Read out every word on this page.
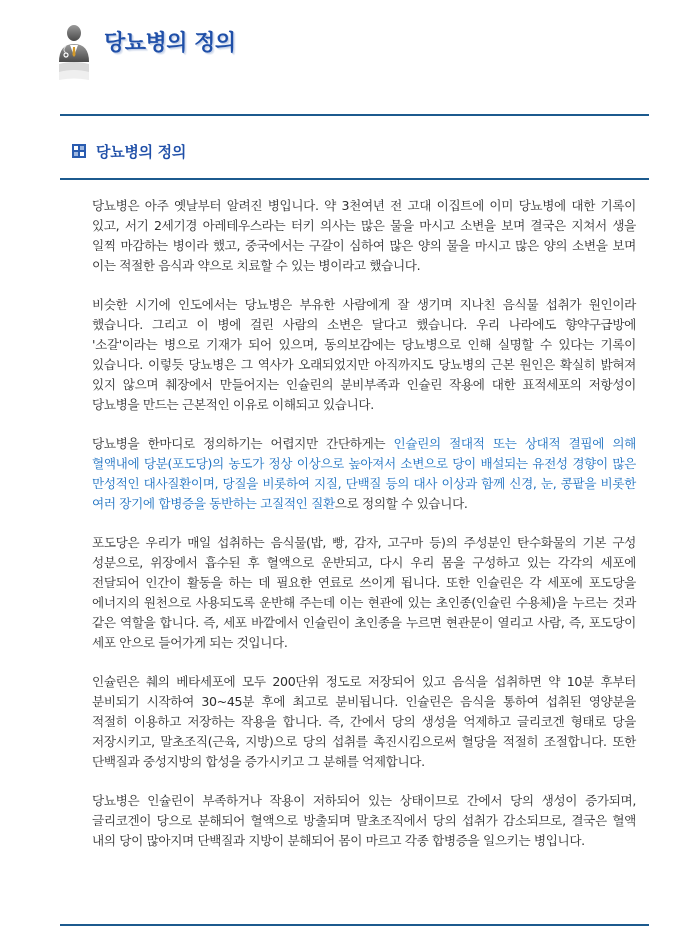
당뇨병의 정의
당뇨병의 정의

당뇨병은 아주 옛날부터 알려진 병입니다. 약 3천여년 전 고대 이집트에 이미 당뇨병에 대한 기록이 있고, 서기 2세기경 아레테우스라는 터키 의사는 많은 물을 마시고 소변을 보며 결국은 지쳐서 생을 일찍 마감하는 병이라 했고, 중국에서는 구갈이 심하여 많은 양의 물을 마시고 많은 양의 소변을 보며 이는 적절한 음식과 약으로 치료할 수 있는 병이라고 했습니다.

비슷한 시기에 인도에서는 당뇨병은 부유한 사람에게 잘 생기며 지나친 음식물 섭취가 원인이라 했습니다. 그리고 이 병에 걸린 사람의 소변은 달다고 했습니다. 우리 나라에도 향약구급방에 '소갈'이라는 병으로 기재가 되어 있으며, 동의보감에는 당뇨병으로 인해 실명할 수 있다는 기록이 있습니다. 이렇듯 당뇨병은 그 역사가 오래되었지만 아직까지도 당뇨병의 근본 원인은 확실히 밝혀져 있지 않으며 췌장에서 만들어지는 인슐린의 분비부족과 인슐린 작용에 대한 표적세포의 저항성이 당뇨병을 만드는 근본적인 이유로 이해되고 있습니다.

당뇨병을 한마디로 정의하기는 어렵지만 간단하게는 인슐린의 절대적 또는 상대적 결핍에 의해 혈액내에 당분(포도당)의 농도가 정상 이상으로 높아져서 소변으로 당이 배설되는 유전성 경향이 많은 만성적인 대사질환이며, 당질을 비롯하여 지질, 단백질 등의 대사 이상과 함께 신경, 눈, 콩팥을 비롯한 여러 장기에 합병증을 동반하는 고질적인 질환으로 정의할 수 있습니다.

포도당은 우리가 매일 섭취하는 음식물(밥, 빵, 감자, 고구마 등)의 주성분인 탄수화물의 기본 구성 성분으로, 위장에서 흡수된 후 혈액으로 운반되고, 다시 우리 몸을 구성하고 있는 각각의 세포에 전달되어 인간이 활동을 하는 데 필요한 연료로 쓰이게 됩니다. 또한 인슐린은 각 세포에 포도당을 에너지의 원천으로 사용되도록 운반해 주는데 이는 현관에 있는 초인종(인슐린 수용체)을 누르는 것과 같은 역할을 합니다. 즉, 세포 바깥에서 인슐린이 초인종을 누르면 현관문이 열리고 사람, 즉, 포도당이 세포 안으로 들어가게 되는 것입니다.

인슐린은 췌의 베타세포에 모두 200단위 정도로 저장되어 있고 음식을 섭취하면 약 10분 후부터 분비되기 시작하여 30~45분 후에 최고로 분비됩니다. 인슐린은 음식을 통하여 섭취된 영양분을 적절히 이용하고 저장하는 작용을 합니다. 즉, 간에서 당의 생성을 억제하고 글리코겐 형태로 당을 저장시키고, 말초조직(근육, 지방)으로 당의 섭취를 촉진시킴으로써 혈당을 적절히 조절합니다. 또한 단백질과 중성지방의 합성을 증가시키고 그 분해를 억제합니다.

당뇨병은 인슐린이 부족하거나 작용이 저하되어 있는 상태이므로 간에서 당의 생성이 증가되며, 글리코겐이 당으로 분해되어 혈액으로 방출되며 말초조직에서 당의 섭취가 감소되므로, 결국은 혈액 내의 당이 많아지며 단백질과 지방이 분해되어 몸이 마르고 각종 합병증을 일으키는 병입니다.
